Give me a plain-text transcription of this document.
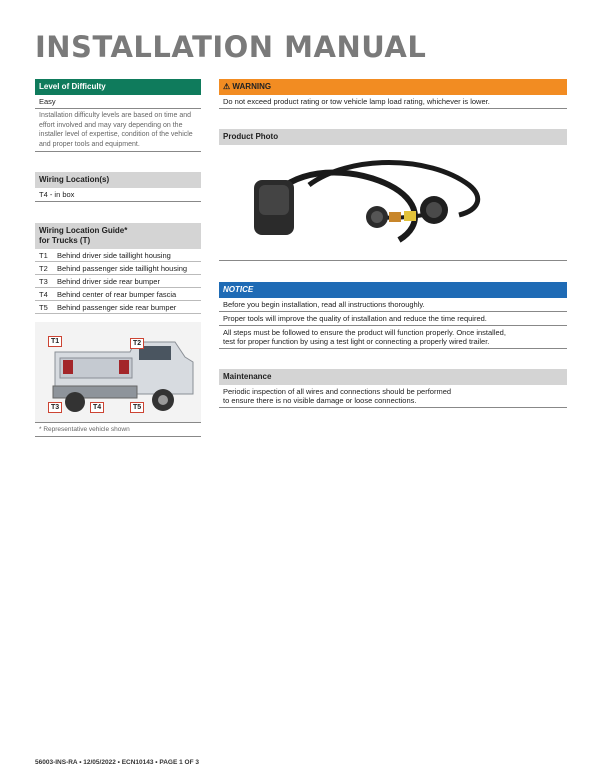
INSTALLATION MANUAL
Level of Difficulty
Easy
Installation difficulty levels are based on time and effort involved and may vary depending on the installer level of expertise, condition of the vehicle and proper tools and equipment.
Wiring Location(s)
T4 - in box
Wiring Location Guide*
for Trucks (T)
T1	Behind driver side taillight housing
T2	Behind passenger side taillight housing
T3	Behind driver side rear bumper
T4	Behind center of rear bumper fascia
T5	Behind passenger side rear bumper
T1	T2
T3	T4	T5
* Representative vehicle shown
⚠ WARNING
Do not exceed product rating or tow vehicle lamp load rating, whichever is lower.
Product Photo
NOTICE
Before you begin installation, read all instructions thoroughly.
Proper tools will improve the quality of installation and reduce the time required.
All steps must be followed to ensure the product will function properly. Once installed,
test for proper function by using a test light or connecting a properly wired trailer.
Maintenance
Periodic inspection of all wires and connections should be performed
to ensure there is no visible damage or loose connections.
56003-INS-RA • 12/05/2022 • ECN10143 • PAGE 1 OF 3
